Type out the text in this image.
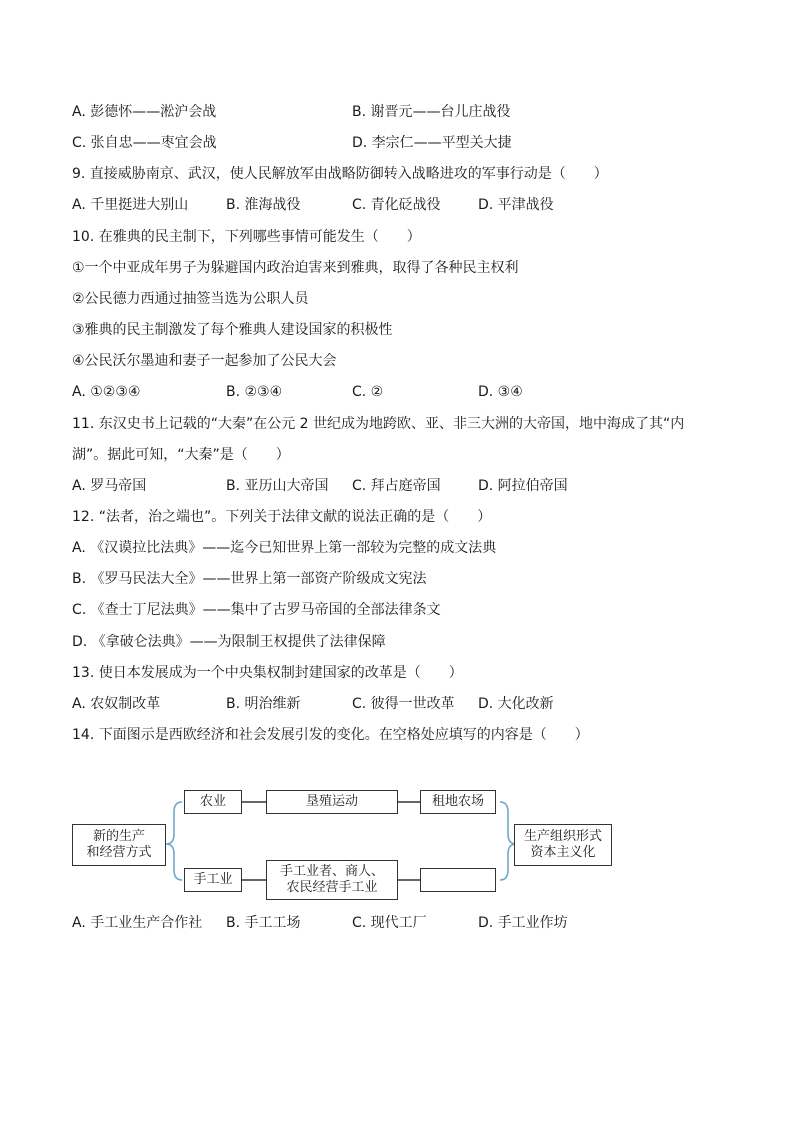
A. 彭德怀——淞沪会战	B. 谢晋元——台儿庄战役
C. 张自忠——枣宜会战	D. 李宗仁——平型关大捷
9. 直接威胁南京、武汉，使人民解放军由战略防御转入战略进攻的军事行动是（　　）
A. 千里挺进大别山	B. 淮海战役	C. 青化砭战役	D. 平津战役
10. 在雅典的民主制下，下列哪些事情可能发生（　　）
①一个中亚成年男子为躲避国内政治迫害来到雅典，取得了各种民主权利
②公民德力西通过抽签当选为公职人员
③雅典的民主制激发了每个雅典人建设国家的积极性
④公民沃尔墨迪和妻子一起参加了公民大会
A. ①②③④	B. ②③④	C. ②	D. ③④
11. 东汉史书上记载的“大秦”在公元 2 世纪成为地跨欧、亚、非三大洲的大帝国，地中海成了其“内
湖”。据此可知，“大秦”是（　　）
A. 罗马帝国	B. 亚历山大帝国 C. 拜占庭帝国	D. 阿拉伯帝国
12. “法者，治之端也”。下列关于法律文献的说法正确的是（　　）
A. 《汉谟拉比法典》——迄今已知世界上第一部较为完整的成文法典
B. 《罗马民法大全》——世界上第一部资产阶级成文宪法
C. 《查士丁尼法典》——集中了古罗马帝国的全部法律条文
D. 《拿破仑法典》——为限制王权提供了法律保障
13. 使日本发展成为一个中央集权制封建国家的改革是（　　）
A. 农奴制改革	B. 明治维新	C. 彼得一世改革 D. 大化改新
14. 下面图示是西欧经济和社会发展引发的变化。在空格处应填写的内容是（　　）
新的生产
和经营方式
农业	垦殖运动	租地农场
手工业
手工业者、商人、
农民经营手工业
生产组织形式
资本主义化
A. 手工业生产合作社 B. 手工工场	C. 现代工厂	D. 手工业作坊
